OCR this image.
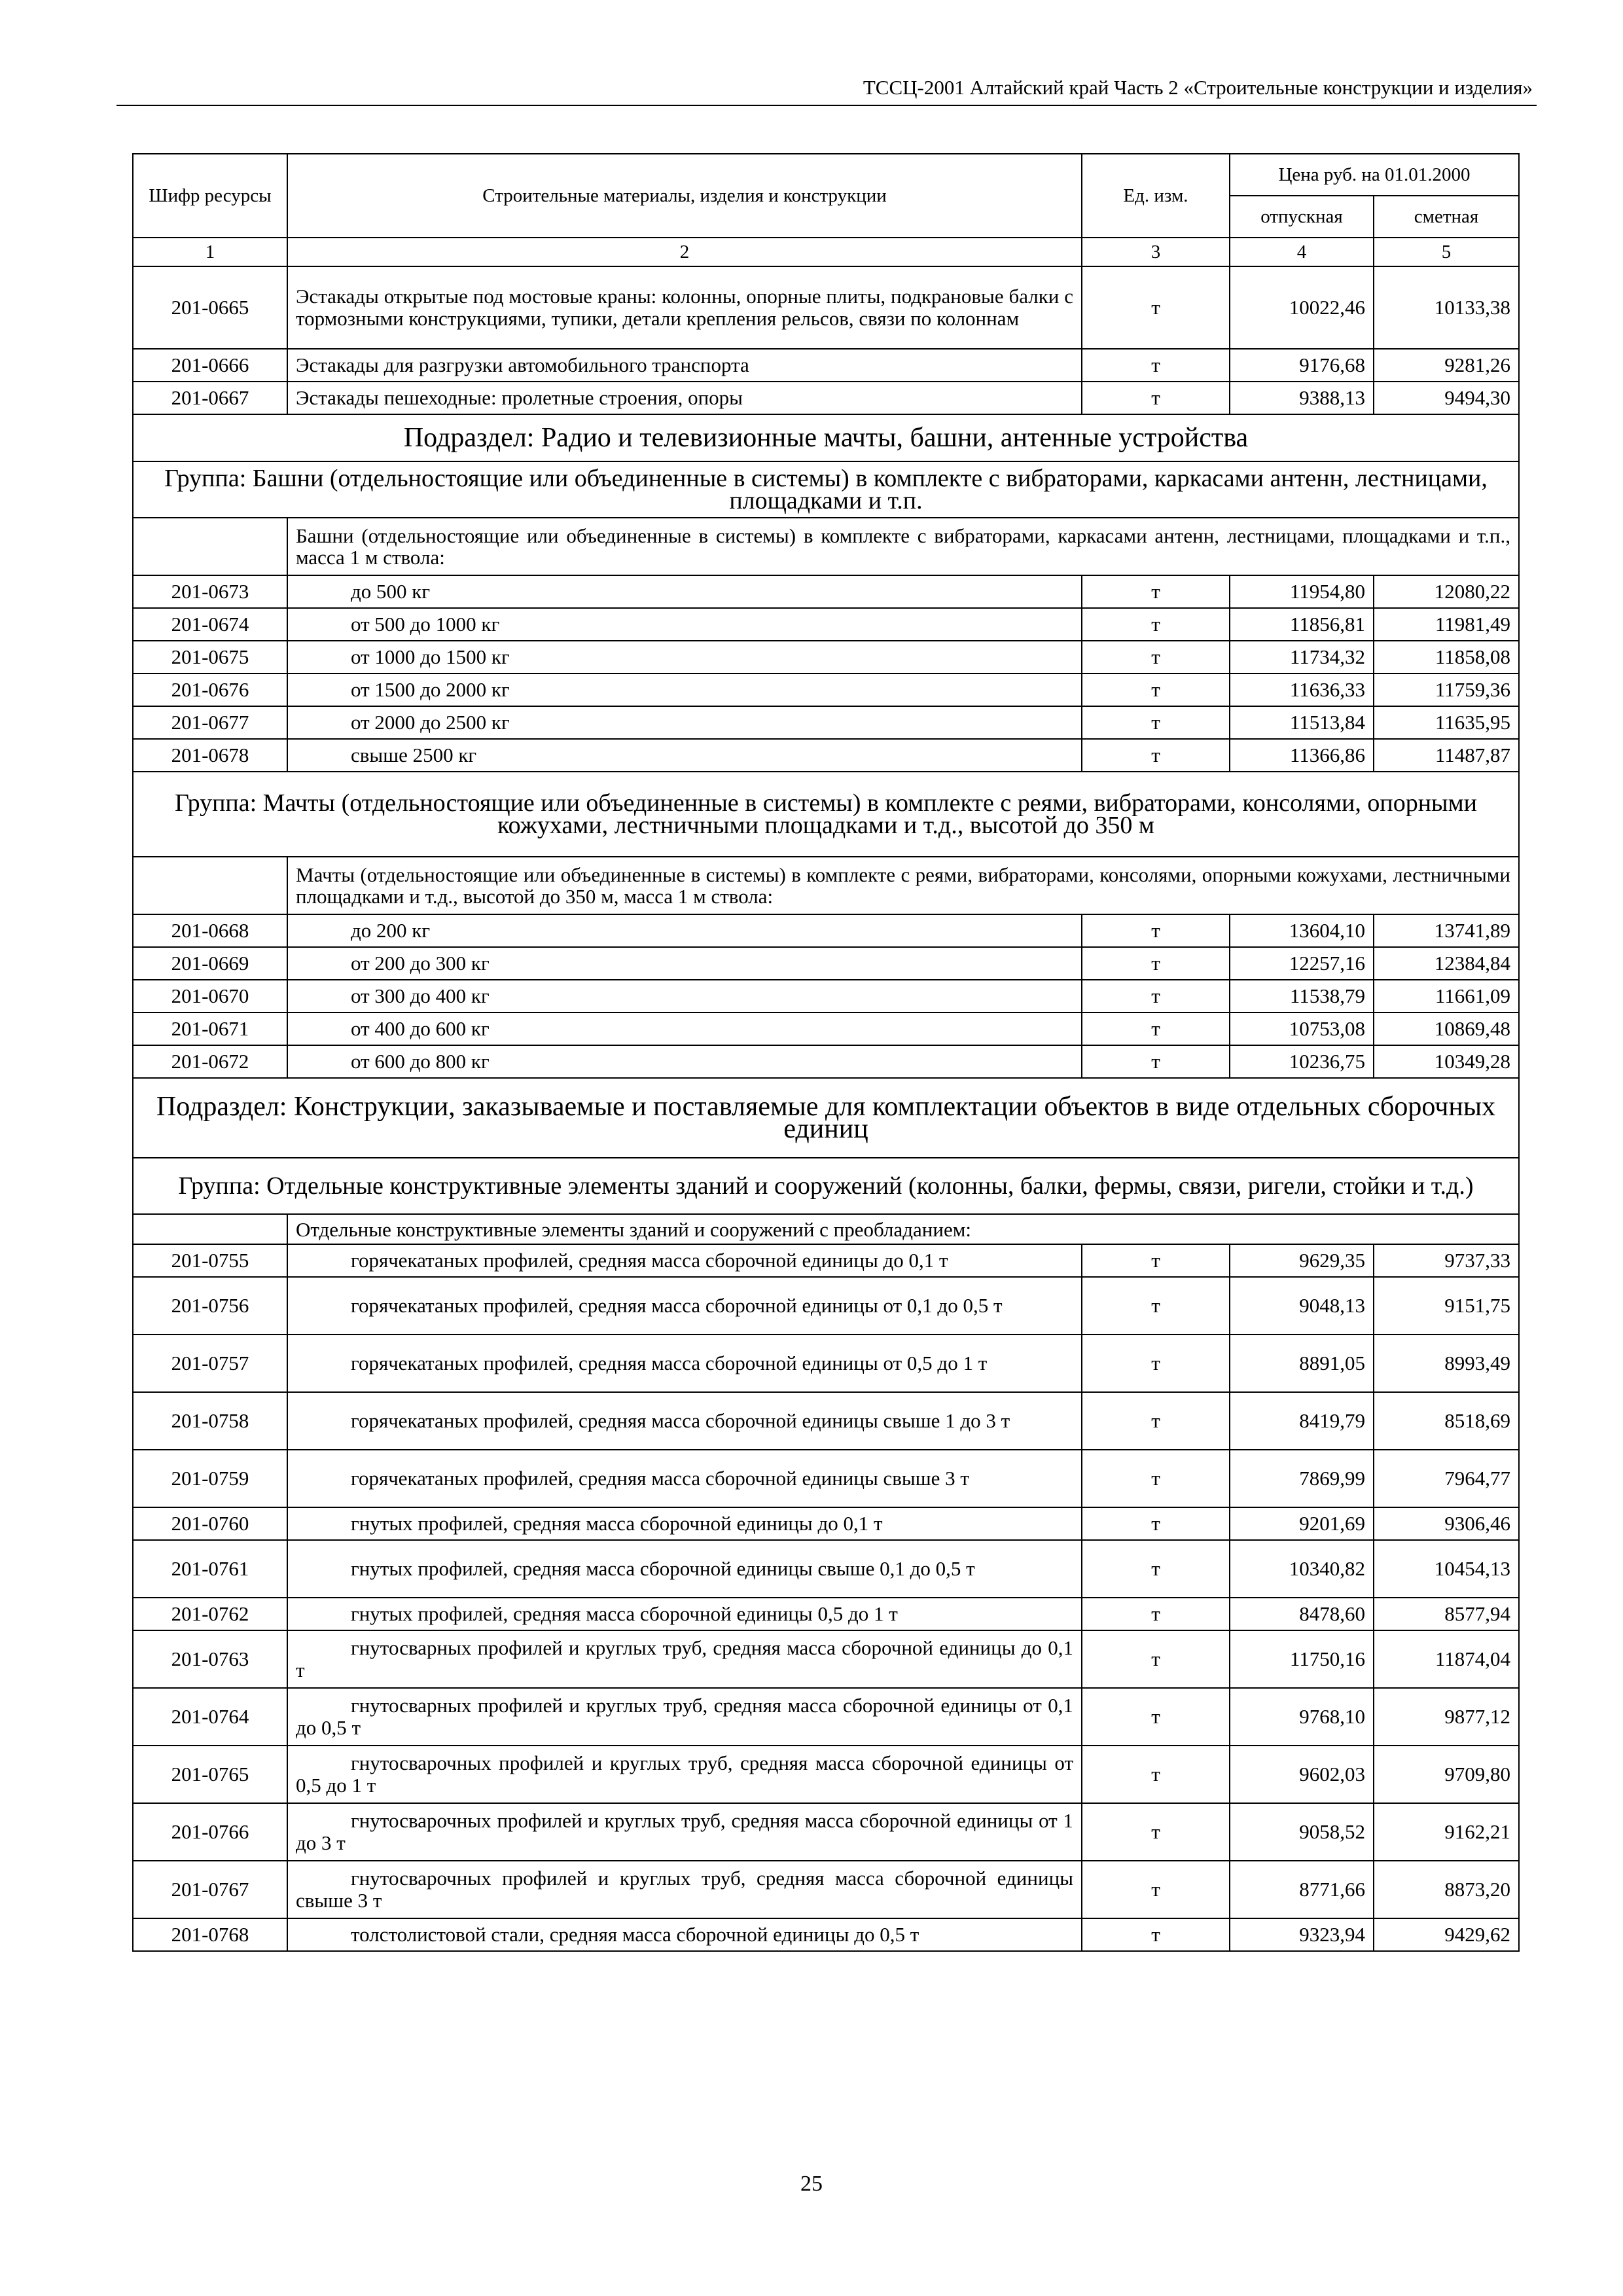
ТССЦ-2001 Алтайский край Часть 2 «Строительные конструкции и изделия»
Шифр ресурсы	Строительные материалы, изделия и конструкции	Ед. изм.	Цена руб. на 01.01.2000	
			отпускная	сметная
1	2	3	4	5
201-0665	Эстакады открытые под мостовые краны: колонны, опорные плиты, подкрановые балки с тормозными конструкциями, тупики, детали крепления рельсов, связи по колоннам	т	10022,46	10133,38
201-0666	Эстакады для разгрузки автомобильного транспорта	т	9176,68	9281,26
201-0667	Эстакады пешеходные: пролетные строения, опоры	т	9388,13	9494,30
Подраздел: Радио и телевизионные мачты, башни, антенные устройства				
Группа: Башни (отдельностоящие или объединенные в системы) в комплекте с вибраторами, каркасами антенн, лестницами, площадками и т.п.				
	Башни (отдельностоящие или объединенные в системы) в комплекте с вибраторами, каркасами антенн, лестницами, площадками и т.п., масса 1 м ствола:			
201-0673	до 500 кг	т	11954,80	12080,22
201-0674	от 500 до 1000 кг	т	11856,81	11981,49
201-0675	от 1000 до 1500 кг	т	11734,32	11858,08
201-0676	от 1500 до 2000 кг	т	11636,33	11759,36
201-0677	от 2000 до 2500 кг	т	11513,84	11635,95
201-0678	свыше 2500 кг	т	11366,86	11487,87
Группа: Мачты (отдельностоящие или объединенные в системы) в комплекте с реями, вибраторами, консолями, опорными кожухами, лестничными площадками и т.д., высотой до 350 м				
	Мачты (отдельностоящие или объединенные в системы) в комплекте с реями, вибраторами, консолями, опорными кожухами, лестничными площадками и т.д., высотой до 350 м, масса 1 м ствола:			
201-0668	до 200 кг	т	13604,10	13741,89
201-0669	от 200 до 300 кг	т	12257,16	12384,84
201-0670	от 300 до 400 кг	т	11538,79	11661,09
201-0671	от 400 до 600 кг	т	10753,08	10869,48
201-0672	от 600 до 800 кг	т	10236,75	10349,28
Подраздел: Конструкции, заказываемые и поставляемые для комплектации объектов в виде отдельных сборочных единиц				
Группа: Отдельные конструктивные элементы зданий и сооружений (колонны, балки, фермы, связи, ригели, стойки и т.д.)				
	Отдельные конструктивные элементы зданий и сооружений с преобладанием:			
201-0755	горячекатаных профилей, средняя масса сборочной единицы до 0,1 т	т	9629,35	9737,33
201-0756	горячекатаных профилей, средняя масса сборочной единицы от 0,1 до 0,5 т	т	9048,13	9151,75
201-0757	горячекатаных профилей, средняя масса сборочной единицы от 0,5 до 1 т	т	8891,05	8993,49
201-0758	горячекатаных профилей, средняя масса сборочной единицы свыше 1 до 3 т	т	8419,79	8518,69
201-0759	горячекатаных профилей, средняя масса сборочной единицы свыше 3 т	т	7869,99	7964,77
201-0760	гнутых профилей, средняя масса сборочной единицы до 0,1 т	т	9201,69	9306,46
201-0761	гнутых профилей, средняя масса сборочной единицы свыше 0,1 до 0,5 т	т	10340,82	10454,13
201-0762	гнутых профилей, средняя масса сборочной единицы 0,5 до 1 т	т	8478,60	8577,94
201-0763	гнутосварных профилей и круглых труб, средняя масса сборочной единицы до 0,1 т	т	11750,16	11874,04
201-0764	гнутосварных профилей и круглых труб, средняя масса сборочной единицы от 0,1 до 0,5 т	т	9768,10	9877,12
201-0765	гнутосварочных профилей и круглых труб, средняя масса сборочной единицы от 0,5 до 1 т	т	9602,03	9709,80
201-0766	гнутосварочных профилей и круглых труб, средняя масса сборочной единицы от 1 до 3 т	т	9058,52	9162,21
201-0767	гнутосварочных профилей и круглых труб, средняя масса сборочной единицы свыше 3 т	т	8771,66	8873,20
201-0768	толстолистовой стали, средняя масса сборочной единицы до 0,5 т	т	9323,94	9429,62
25
